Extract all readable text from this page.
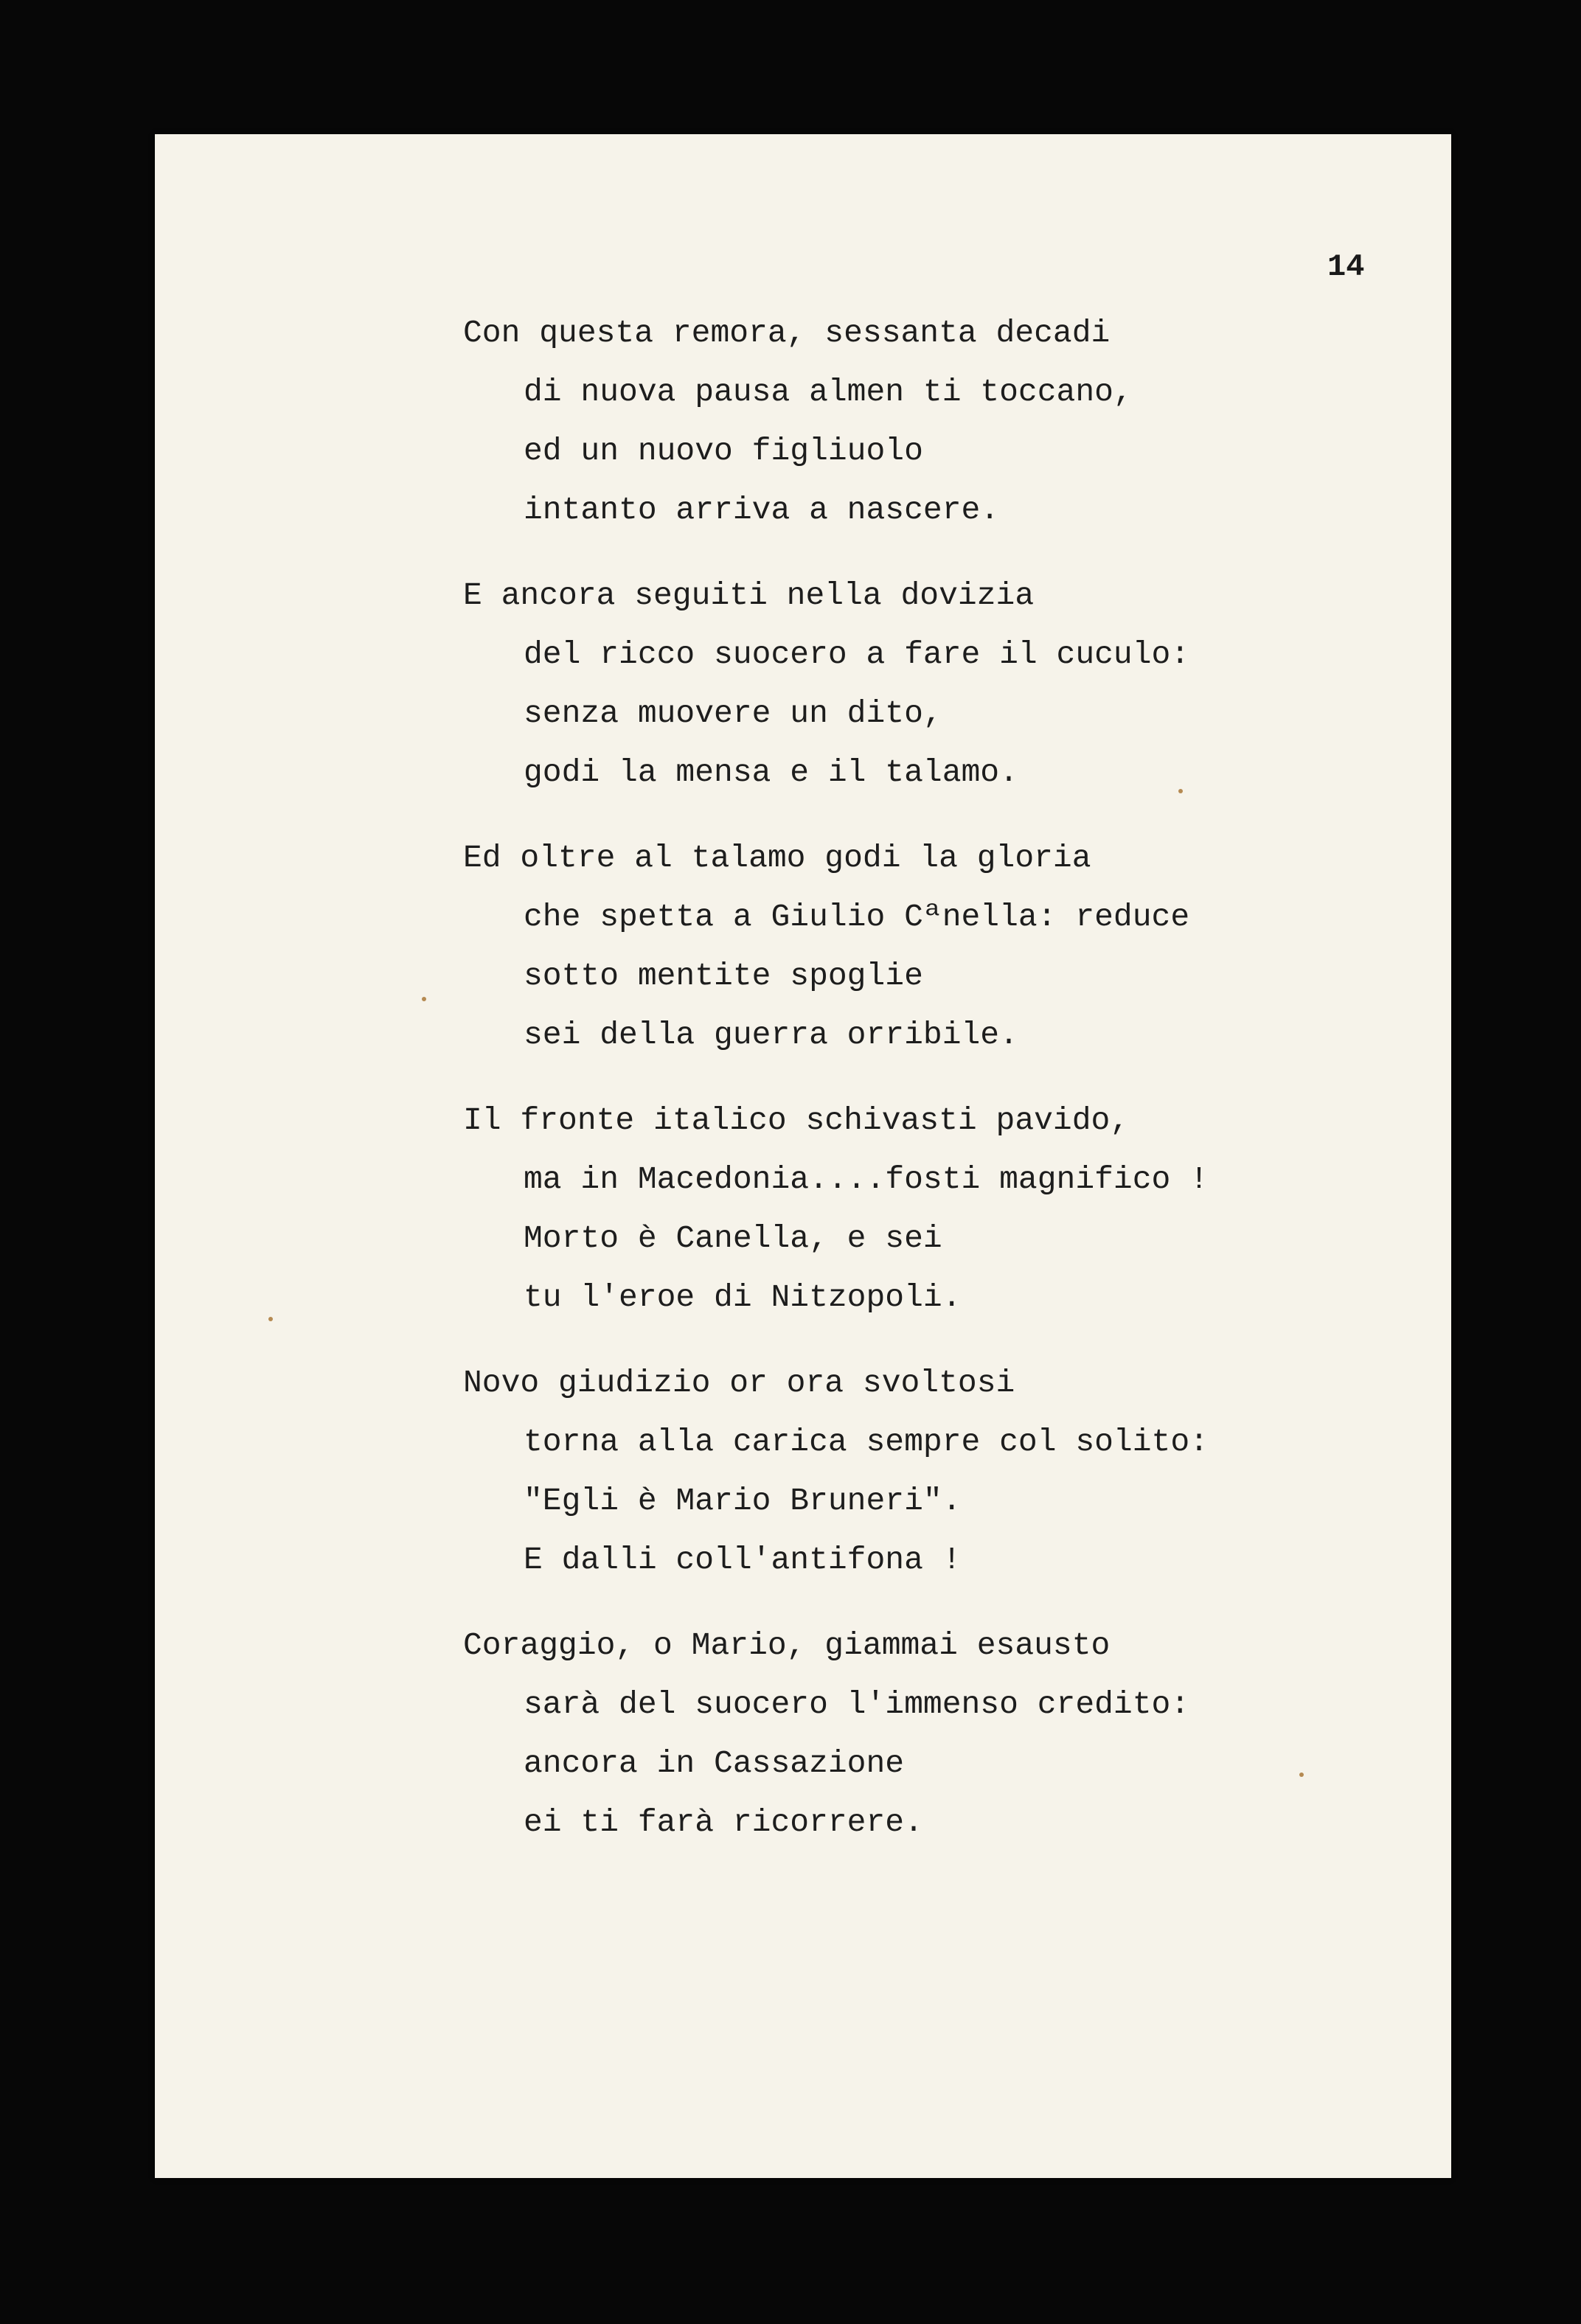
14
Con questa remora, sessanta decadi
di nuova pausa almen ti toccano,
ed un nuovo figliuolo
intanto arriva a nascere.
E ancora seguiti nella dovizia
del ricco suocero a fare il cuculo:
senza muovere un dito,
godi la mensa e il talamo.
Ed oltre al talamo godi la gloria
che spetta a Giulio Cªnella: reduce
sotto mentite spoglie
sei della guerra orribile.
Il fronte italico schivasti pavido,
ma in Macedonia....fosti magnifico !
Morto è Canella, e sei
tu l'eroe di Nitzopoli.
Novo giudizio or ora svoltosi
torna alla carica sempre col solito:
"Egli è Mario Bruneri".
E dalli coll'antifona !
Coraggio, o Mario, giammai esausto
sarà del suocero l'immenso credito:
ancora in Cassazione
ei ti farà ricorrere.
